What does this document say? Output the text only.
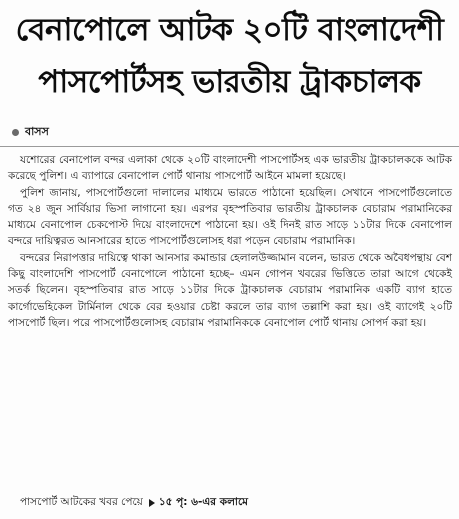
বেনাপোলে আটক ২০টি বাংলাদেশী
পাসপোর্টসহ ভারতীয় ট্রাকচালক
বাসস

যশোরের বেনাপোল বন্দর এলাকা থেকে ২০টি বাংলাদেশী পাসপোর্টসহ এক ভারতীয় ট্রাকচালককে আটক করেছে পুলিশ। এ ব্যাপারে বেনাপোল পোর্ট থানায় পাসপোর্ট আইনে মামলা হয়েছে।

পুলিশ জানায়, পাসপোর্টগুলো দালালের মাধ্যমে ভারতে পাঠানো হয়েছিল। সেখানে পাসপোর্টগুলোতে গত ২৪ জুন সার্বিয়ার ভিসা লাগানো হয়। এরপর বৃহস্পতিবার ভারতীয় ট্রাকচালক বেচারাম পরামানিকের মাধ্যমে বেনাপোল চেকপোস্ট দিয়ে বাংলাদেশে পাঠানো হয়। ওই দিনই রাত সাড়ে ১১টার দিকে বেনাপোল বন্দরে দায়িত্বরত আনসারের হাতে পাসপোর্টগুলোসহ ধরা পড়েন বেচারাম পরামানিক।

বন্দরের নিরাপত্তার দায়িত্বে থাকা আনসার কমান্ডার হেলালউজ্জামান বলেন, ভারত থেকে অবৈধপন্থায় বেশ কিছু বাংলাদেশি পাসপোর্ট বেনাপোলে পাঠানো হচ্ছে– এমন গোপন খবরের ভিত্তিতে তারা আগে থেকেই সতর্ক ছিলেন। বৃহস্পতিবার রাত সাড়ে ১১টার দিকে ট্রাকচালক বেচারাম পরামানিক একটি ব্যাগ হাতে কার্গোভেহিকেল টার্মিনাল থেকে বের হওয়ার চেষ্টা করলে তার ব্যাগ তল্লাশি করা হয়। ওই ব্যাগেই ২০টি পাসপোর্ট ছিল। পরে পাসপোর্টগুলোসহ বেচারাম পরামানিককে বেনাপোল পোর্ট থানায় সোপর্দ করা হয়।

পাসপোর্ট আটকের খবর পেয়ে ১৫ পৃ: ৬-এর কলামে
